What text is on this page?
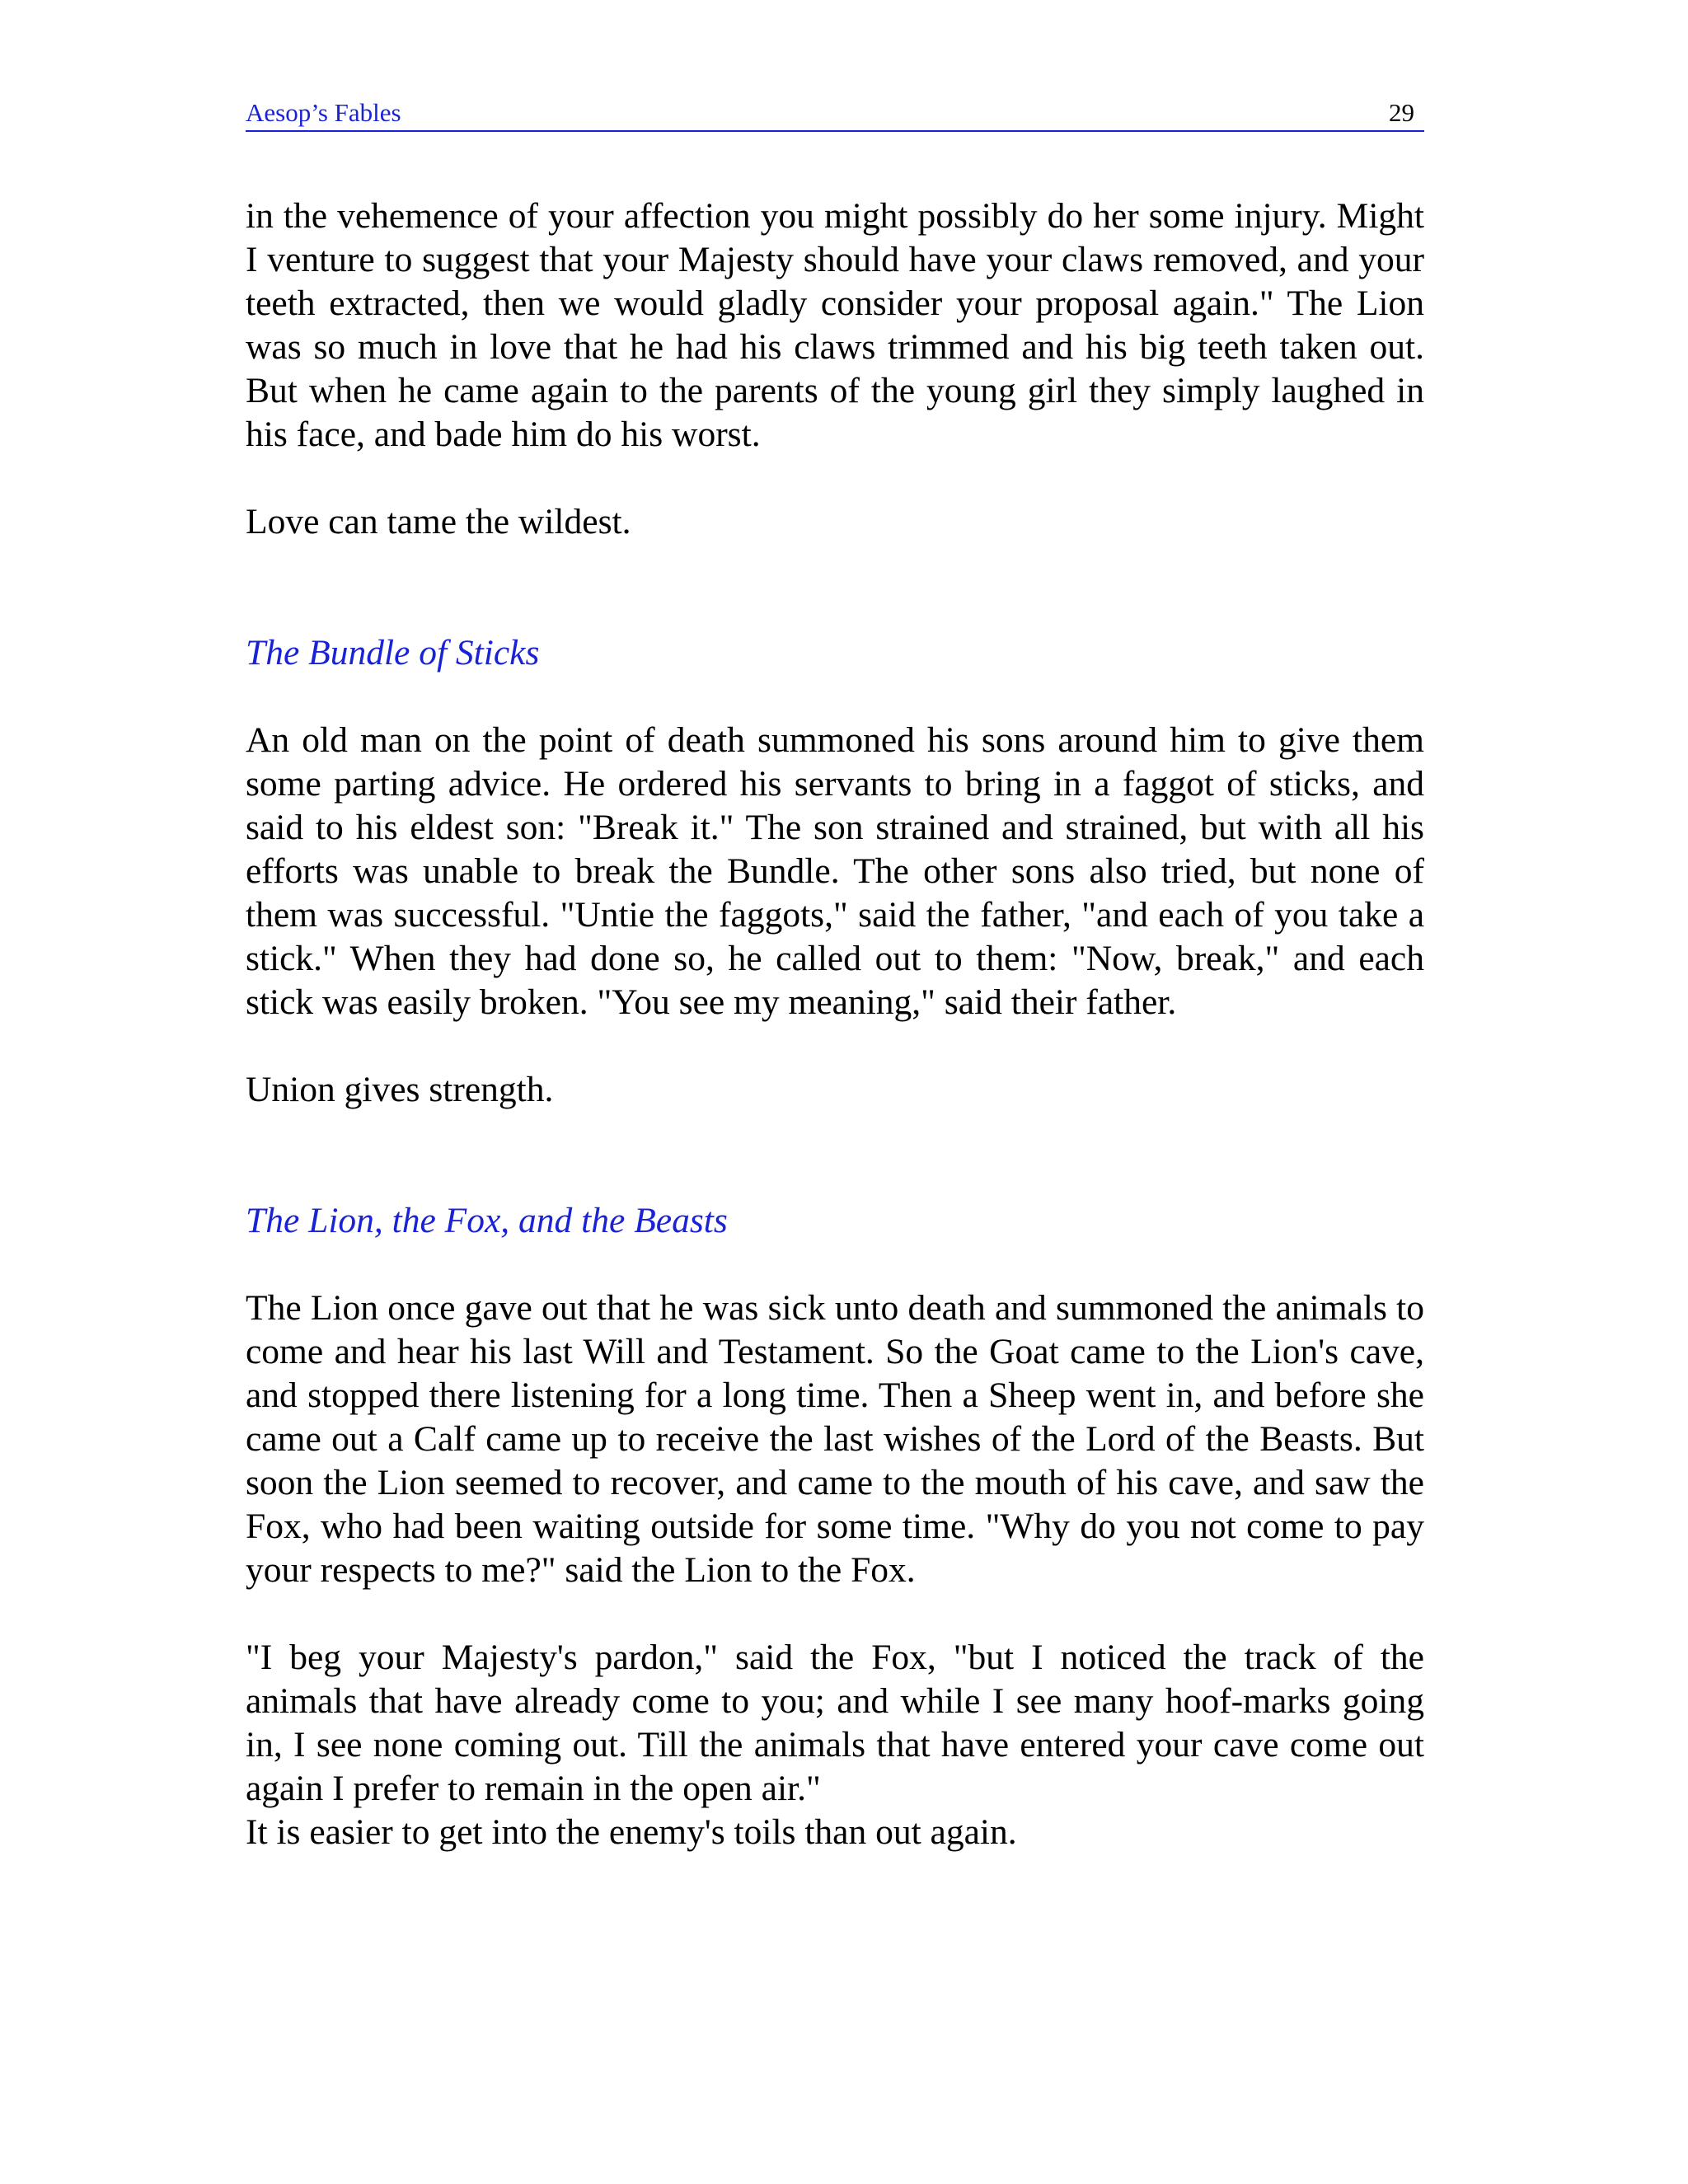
Aesop’s Fables	29

in the vehemence of your affection you might possibly do her some injury. Might I venture to suggest that your Majesty should have your claws removed, and your teeth extracted, then we would gladly consider your proposal again." The Lion was so much in love that he had his claws trimmed and his big teeth taken out. But when he came again to the parents of the young girl they simply laughed in his face, and bade him do his worst.

Love can tame the wildest.

The Bundle of Sticks

An old man on the point of death summoned his sons around him to give them some parting advice. He ordered his servants to bring in a faggot of sticks, and said to his eldest son: "Break it." The son strained and strained, but with all his efforts was unable to break the Bundle. The other sons also tried, but none of them was successful. "Untie the faggots," said the father, "and each of you take a stick." When they had done so, he called out to them: "Now, break," and each stick was easily broken. "You see my meaning," said their father.

Union gives strength.

The Lion, the Fox, and the Beasts

The Lion once gave out that he was sick unto death and summoned the animals to come and hear his last Will and Testament. So the Goat came to the Lion's cave, and stopped there listening for a long time. Then a Sheep went in, and before she came out a Calf came up to receive the last wishes of the Lord of the Beasts. But soon the Lion seemed to recover, and came to the mouth of his cave, and saw the Fox, who had been waiting outside for some time. "Why do you not come to pay your respects to me?" said the Lion to the Fox.

"I beg your Majesty's pardon," said the Fox, "but I noticed the track of the animals that have already come to you; and while I see many hoof-marks going in, I see none coming out. Till the animals that have entered your cave come out again I prefer to remain in the open air."

It is easier to get into the enemy's toils than out again.
